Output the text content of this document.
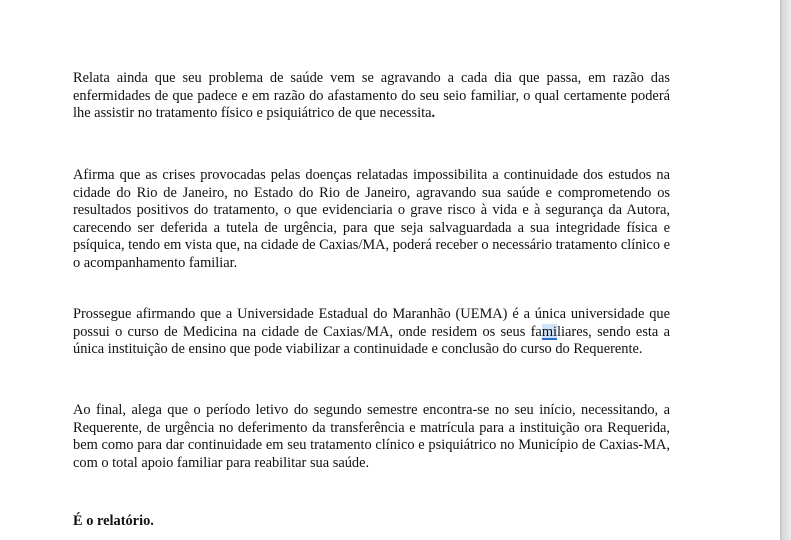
Relata ainda que seu problema de saúde vem se agravando a cada dia que passa, em razão das enfermidades de que padece e em razão do afastamento do seu seio familiar, o qual certamente poderá lhe assistir no tratamento físico e psiquiátrico de que necessita.

Afirma que as crises provocadas pelas doenças relatadas impossibilita a continuidade dos estudos na cidade do Rio de Janeiro, no Estado do Rio de Janeiro, agravando sua saúde e comprometendo os resultados positivos do tratamento, o que evidenciaria o grave risco à vida e à segurança da Autora, carecendo ser deferida a tutela de urgência, para que seja salvaguardada a sua integridade física e psíquica, tendo em vista que, na cidade de Caxias/MA, poderá receber o necessário tratamento clínico e o acompanhamento familiar.

Prossegue afirmando que a Universidade Estadual do Maranhão (UEMA) é a única universidade que possui o curso de Medicina na cidade de Caxias/MA, onde residem os seus familiares, sendo esta a única instituição de ensino que pode viabilizar a continuidade e conclusão do curso do Requerente.

Ao final, alega que o período letivo do segundo semestre encontra-se no seu início, necessitando, a Requerente, de urgência no deferimento da transferência e matrícula para a instituição ora Requerida, bem como para dar continuidade em seu tratamento clínico e psiquiátrico no Município de Caxias-MA, com o total apoio familiar para reabilitar sua saúde.

É o relatório.
